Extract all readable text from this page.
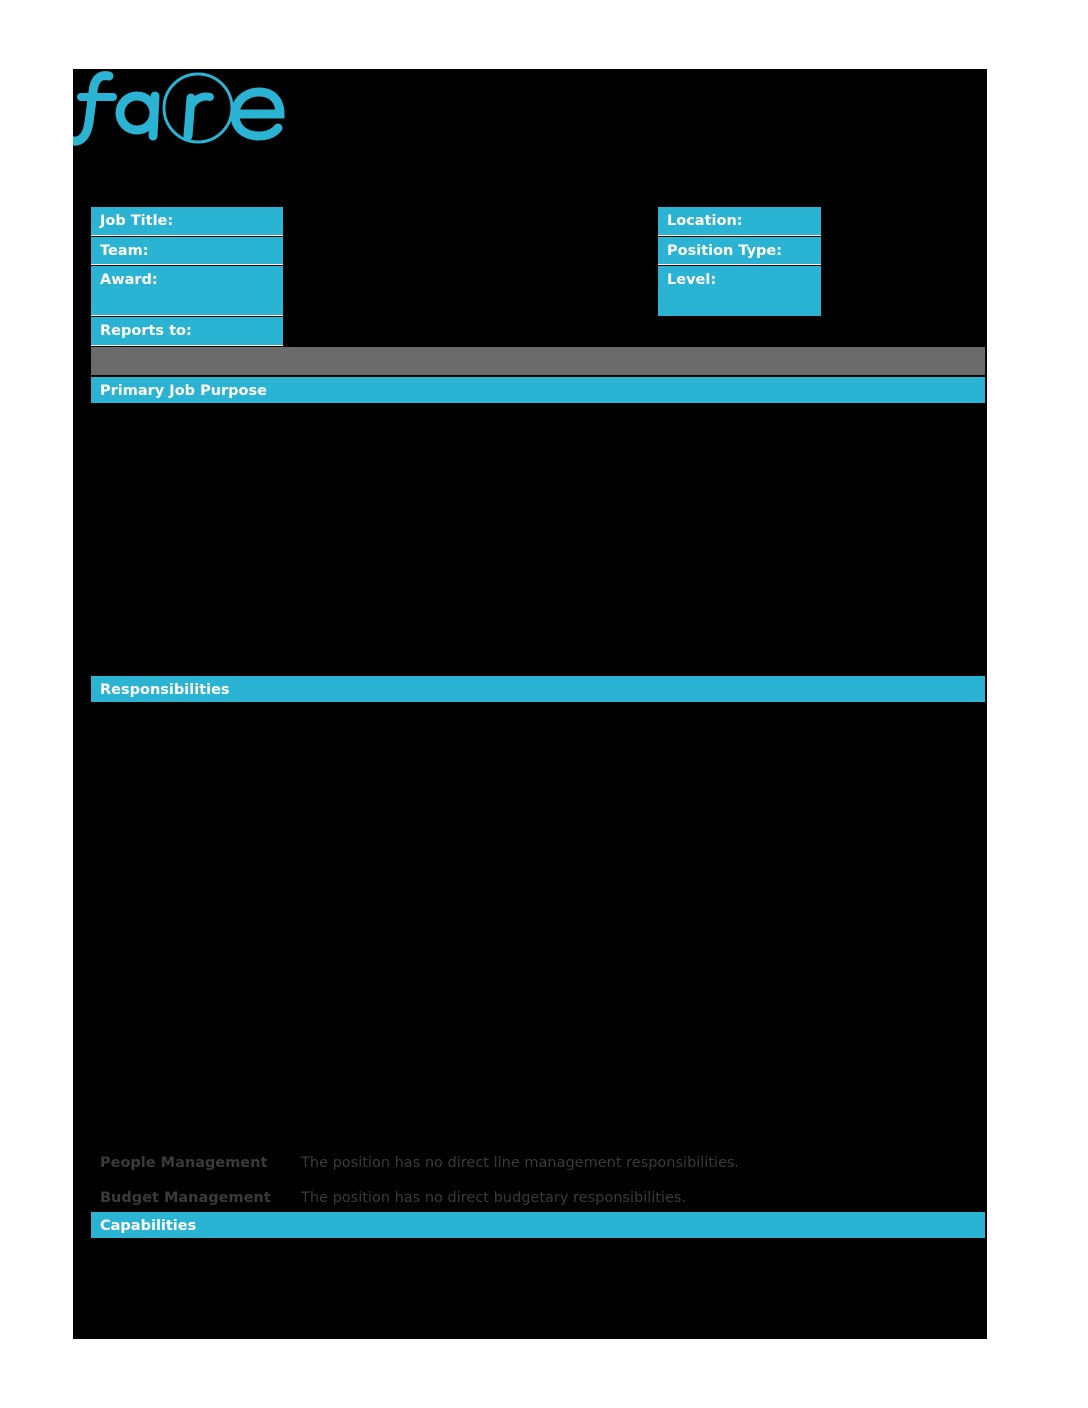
Job Title:
Team:
Award:
Reports to:
Location:
Position Type:
Level:
Primary Job Purpose
Responsibilities
People Management The position has no direct line management responsibilities.
Budget Management The position has no direct budgetary responsibilities.
Capabilities
